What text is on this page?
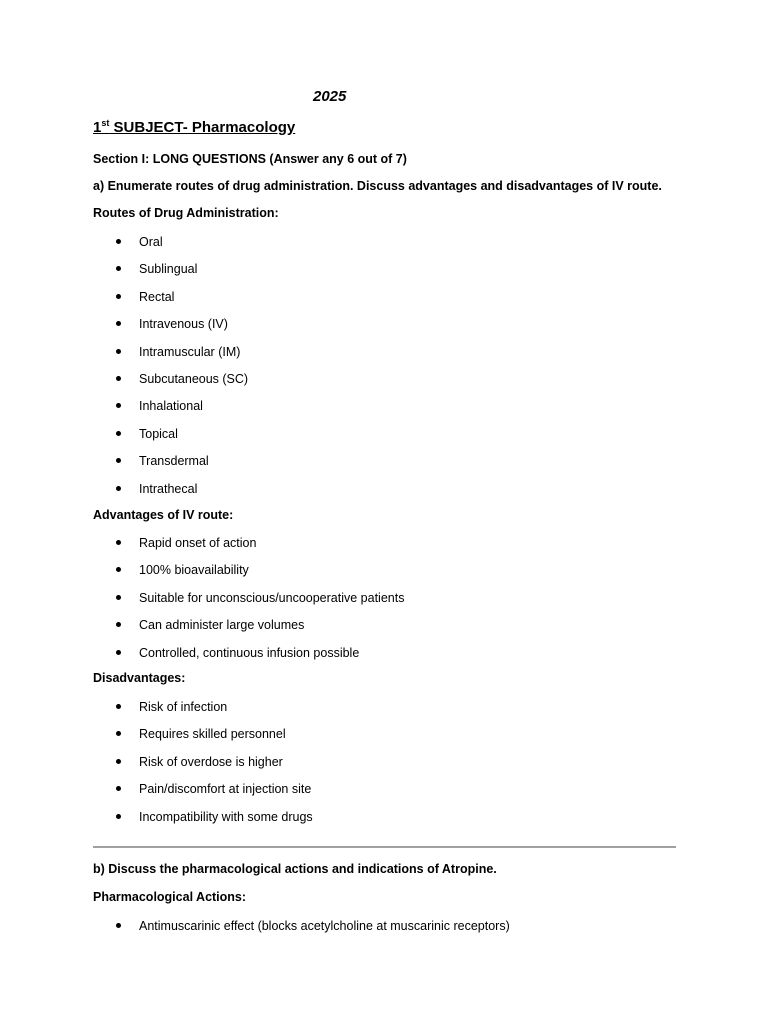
2025
1st SUBJECT- Pharmacology
Section I: LONG QUESTIONS (Answer any 6 out of 7)
a) Enumerate routes of drug administration. Discuss advantages and disadvantages of IV route.
Routes of Drug Administration:
Oral
Sublingual
Rectal
Intravenous (IV)
Intramuscular (IM)
Subcutaneous (SC)
Inhalational
Topical
Transdermal
Intrathecal
Advantages of IV route:
Rapid onset of action
100% bioavailability
Suitable for unconscious/uncooperative patients
Can administer large volumes
Controlled, continuous infusion possible
Disadvantages:
Risk of infection
Requires skilled personnel
Risk of overdose is higher
Pain/discomfort at injection site
Incompatibility with some drugs
b) Discuss the pharmacological actions and indications of Atropine.
Pharmacological Actions:
Antimuscarinic effect (blocks acetylcholine at muscarinic receptors)
